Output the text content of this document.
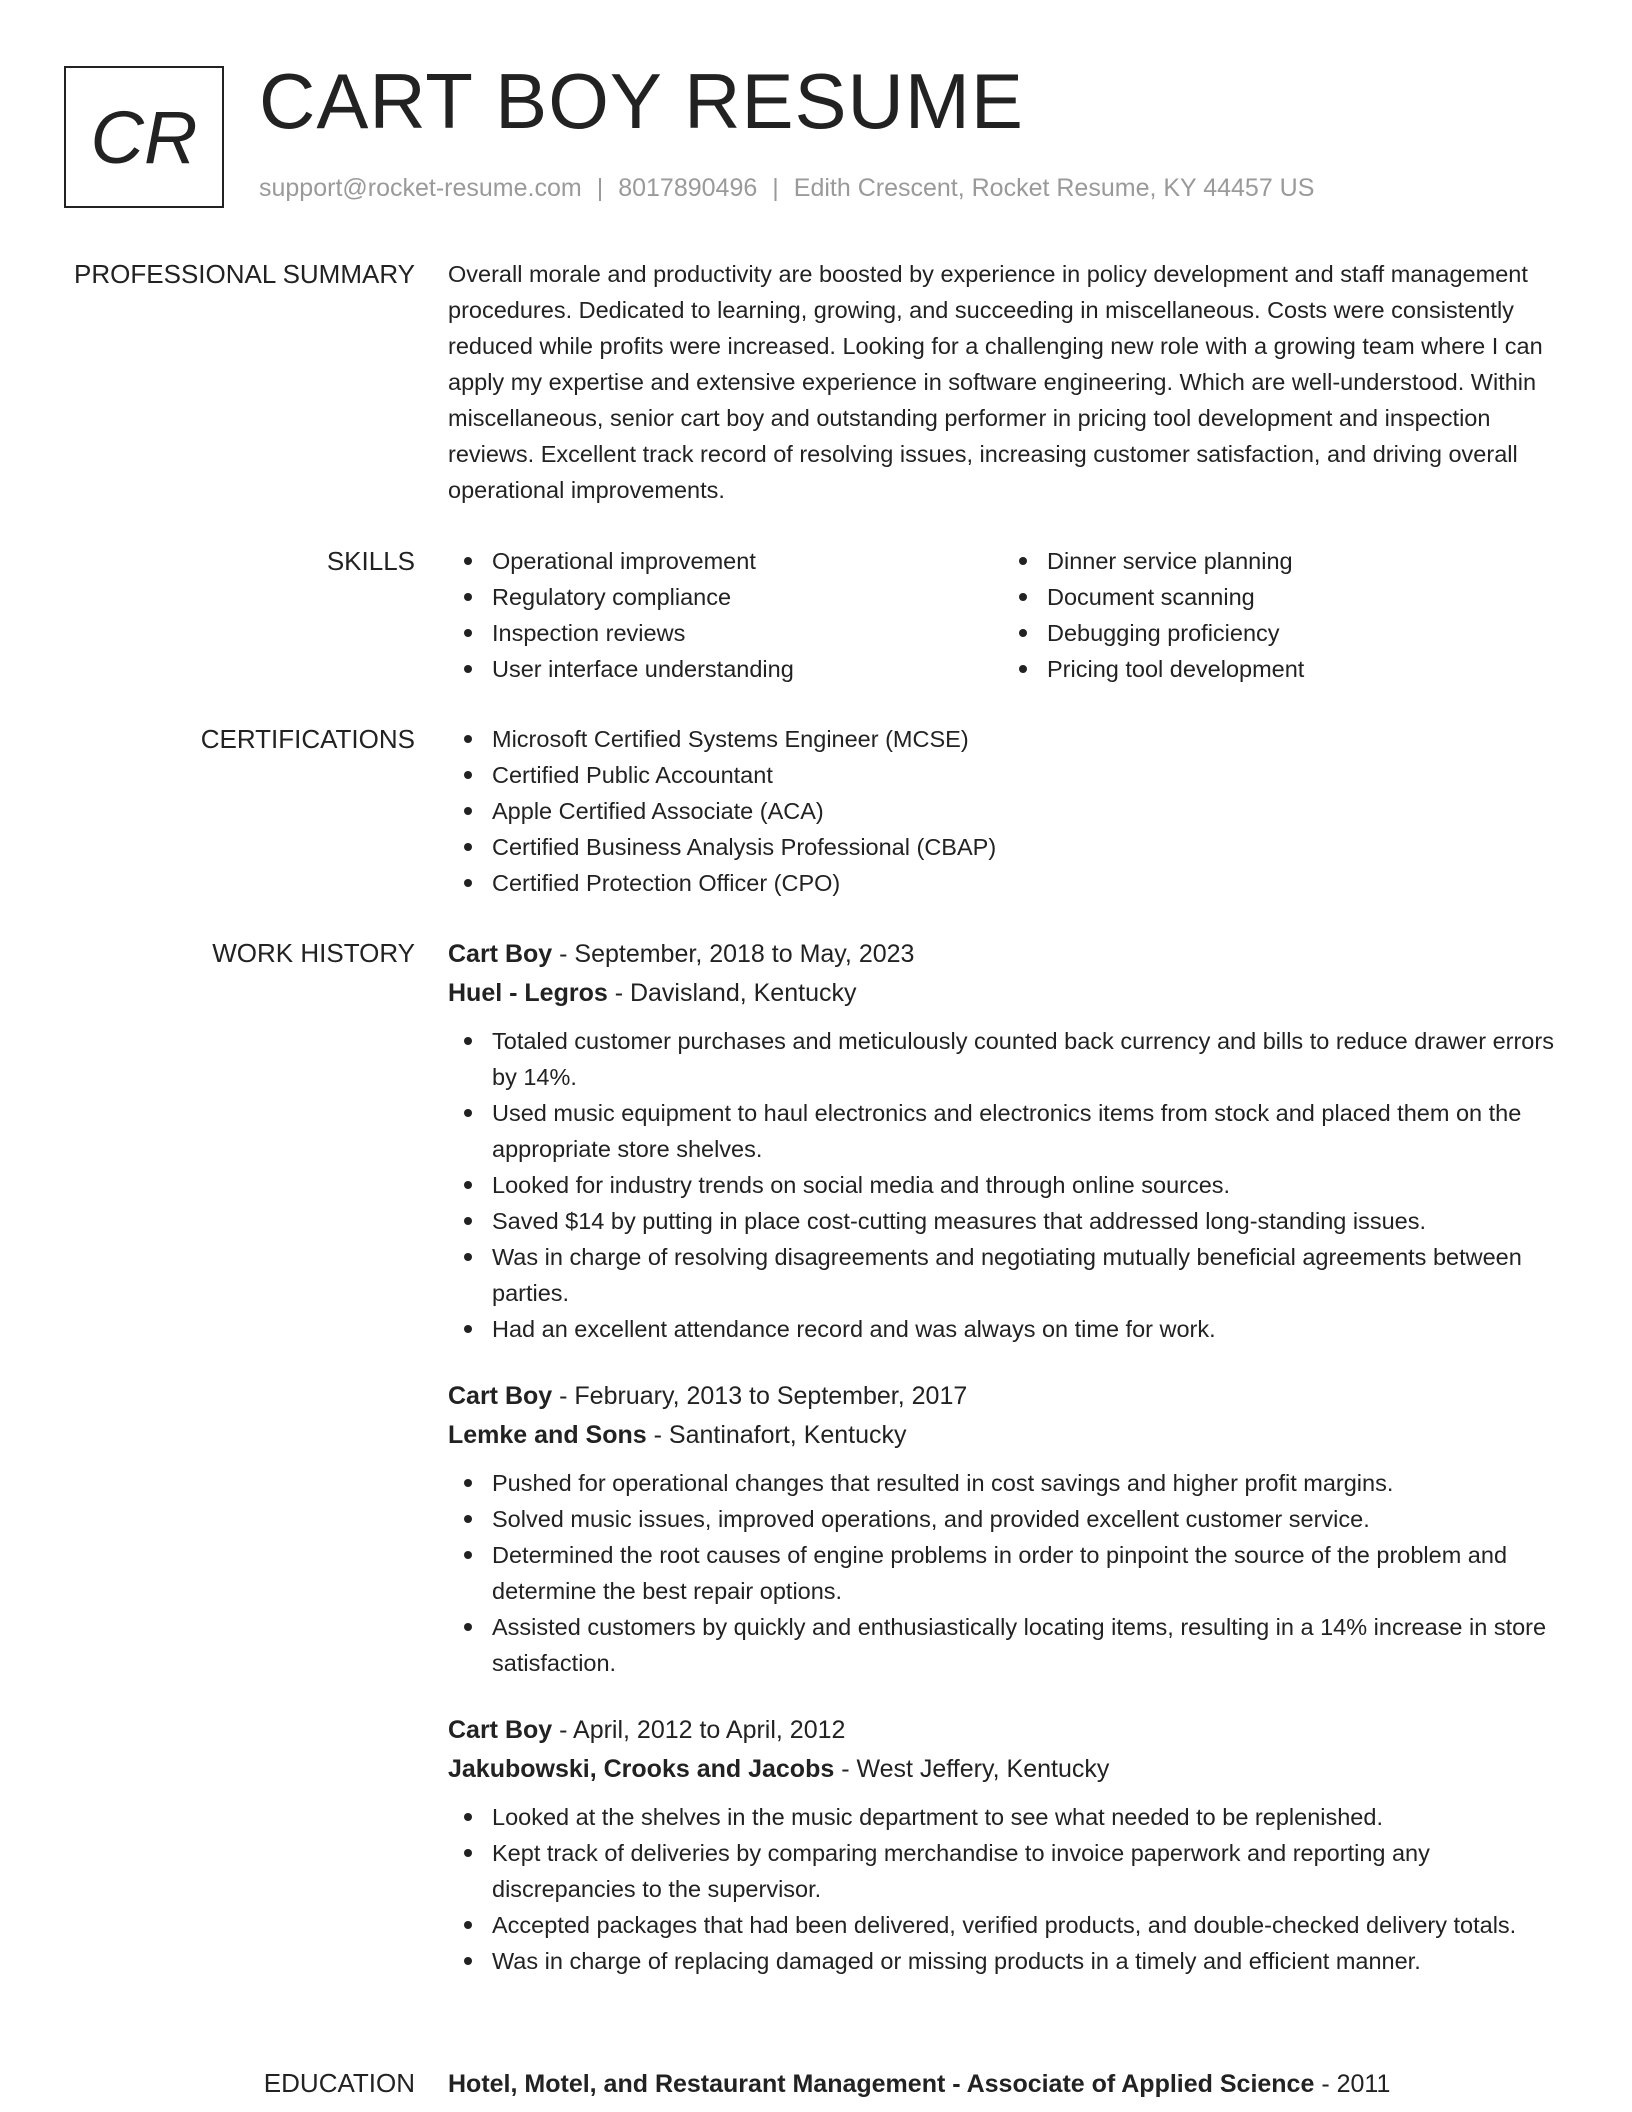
CR CART BOY RESUME
support@rocket-resume.com | 8017890496 | Edith Crescent, Rocket Resume, KY 44457 US
PROFESSIONAL SUMMARY Overall morale and productivity are boosted by experience in policy development and staff management procedures. Dedicated to learning, growing, and succeeding in miscellaneous. Costs were consistently reduced while profits were increased. Looking for a challenging new role with a growing team where I can apply my expertise and extensive experience in software engineering. Which are well-understood. Within miscellaneous, senior cart boy and outstanding performer in pricing tool development and inspection reviews. Excellent track record of resolving issues, increasing customer satisfaction, and driving overall operational improvements.

SKILLS	Operational improvement
Regulatory compliance
Inspection reviews
User interface understanding
Dinner service planning
Document scanning
Debugging proficiency
Pricing tool development
CERTIFICATIONS	Microsoft Certified Systems Engineer (MCSE)
Certified Public Accountant
Apple Certified Associate (ACA)
Certified Business Analysis Professional (CBAP)
Certified Protection Officer (CPO)
WORK HISTORY Cart Boy - September, 2018 to May, 2023
Huel - Legros - Davisland, Kentucky
Totaled customer purchases and meticulously counted back currency and bills to reduce drawer errors by 14%.
Used music equipment to haul electronics and electronics items from stock and placed them on the appropriate store shelves.
Looked for industry trends on social media and through online sources.
Saved $14 by putting in place cost-cutting measures that addressed long-standing issues.
Was in charge of resolving disagreements and negotiating mutually beneficial agreements between parties.
Had an excellent attendance record and was always on time for work.
Cart Boy - February, 2013 to September, 2017
Lemke and Sons - Santinafort, Kentucky
Pushed for operational changes that resulted in cost savings and higher profit margins.
Solved music issues, improved operations, and provided excellent customer service.
Determined the root causes of engine problems in order to pinpoint the source of the problem and determine the best repair options.
Assisted customers by quickly and enthusiastically locating items, resulting in a 14% increase in store satisfaction.
Cart Boy - April, 2012 to April, 2012
Jakubowski, Crooks and Jacobs - West Jeffery, Kentucky
Looked at the shelves in the music department to see what needed to be replenished.
Kept track of deliveries by comparing merchandise to invoice paperwork and reporting any discrepancies to the supervisor.
Accepted packages that had been delivered, verified products, and double-checked delivery totals.
Was in charge of replacing damaged or missing products in a timely and efficient manner.
EDUCATION Hotel, Motel, and Restaurant Management - Associate of Applied Science - 2011
